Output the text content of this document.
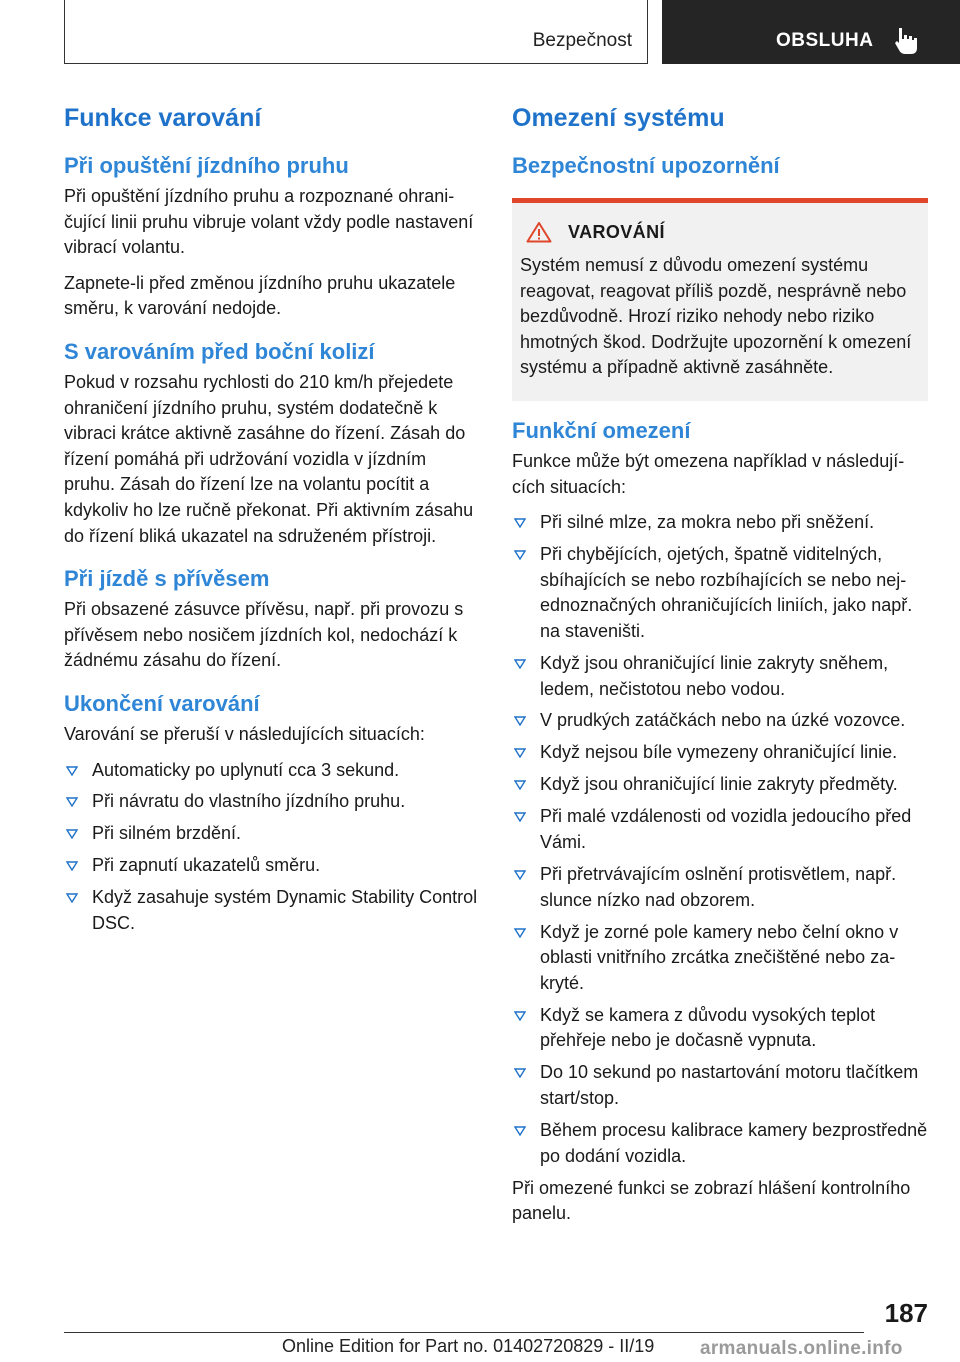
Bezpečnost	OBSLUHA
Funkce varování
Při opuštění jízdního pruhu

Při opuštění jízdního pruhu a rozpoznané ohraničující linii pruhu vibruje volant vždy podle nastavení vibrací volantu.

Zapnete-li před změnou jízdního pruhu ukazatele směru, k varování nedojde.

S varováním před boční kolizí

Pokud v rozsahu rychlosti do 210 km/h přejedete ohraničení jízdního pruhu, systém dodatečně k vibraci krátce aktivně zasáhne do řízení. Zásah do řízení pomáhá při udržování vozidla v jízdním pruhu. Zásah do řízení lze na volantu pocítit a kdykoliv ho lze ručně překonat. Při aktivním zásahu do řízení bliká ukazatel na sdruženém přístroji.

Při jízdě s přívěsem

Při obsazené zásuvce přívěsu, např. při provozu s přívěsem nebo nosičem jízdních kol, nedochází k žádnému zásahu do řízení.

Ukončení varování

Varování se přeruší v následujících situacích:

Automaticky po uplynutí cca 3 sekund.
Při návratu do vlastního jízdního pruhu.
Při silném brzdění.
Při zapnutí ukazatelů směru.
Když zasahuje systém Dynamic Stability Control DSC.
Omezení systému
Bezpečnostní upozornění
VAROVÁNÍ

Systém nemusí z důvodu omezení systému reagovat, reagovat příliš pozdě, nesprávně nebo bezdůvodně. Hrozí riziko nehody nebo riziko hmotných škod. Dodržujte upozornění k omezení systému a případně aktivně zasáhněte.

Funkční omezení

Funkce může být omezena například v následujících situacích:

Při silné mlze, za mokra nebo při sněžení.
Při chybějících, ojetých, špatně viditelných, sbíhajících se nebo rozbíhajících se nebo nejednoznačných ohraničujících liniích, jako např. na staveništi.
Když jsou ohraničující linie zakryty sněhem, ledem, nečistotou nebo vodou.
V prudkých zatáčkách nebo na úzké vozovce.
Když nejsou bíle vymezeny ohraničující linie.
Když jsou ohraničující linie zakryty předměty.
Při malé vzdálenosti od vozidla jedoucího před Vámi.
Při přetrvávajícím oslnění protisvětlem, např. slunce nízko nad obzorem.
Když je zorné pole kamery nebo čelní okno v oblasti vnitřního zrcátka znečištěné nebo zakryté.
Když se kamera z důvodu vysokých teplot přehřeje nebo je dočasně vypnuta.
Do 10 sekund po nastartování motoru tlačítkem start/stop.
Během procesu kalibrace kamery bezprostředně po dodání vozidla.

Při omezené funkci se zobrazí hlášení kontrolního panelu.

187
Online Edition for Part no. 01402720829 - II/19 armanuals.online.info
